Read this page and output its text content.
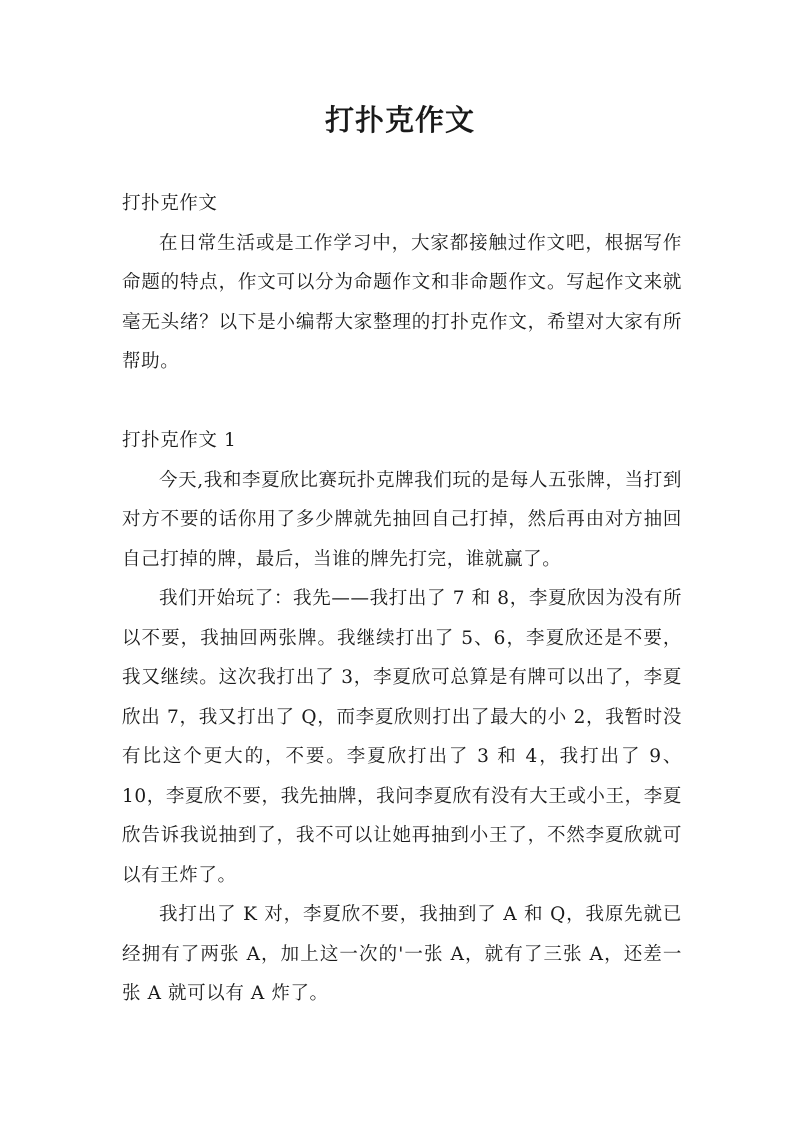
打扑克作文

打扑克作文

在日常生活或是工作学习中，大家都接触过作文吧，根据写作命题的特点，作文可以分为命题作文和非命题作文。写起作文来就毫无头绪？以下是小编帮大家整理的打扑克作文，希望对大家有所帮助。

打扑克作文 1

今天,我和李夏欣比赛玩扑克牌我们玩的是每人五张牌，当打到对方不要的话你用了多少牌就先抽回自己打掉，然后再由对方抽回自己打掉的牌，最后，当谁的牌先打完，谁就赢了。

我们开始玩了：我先——我打出了 7 和 8，李夏欣因为没有所以不要，我抽回两张牌。我继续打出了 5、6，李夏欣还是不要，我又继续。这次我打出了 3，李夏欣可总算是有牌可以出了，李夏欣出 7，我又打出了 Q，而李夏欣则打出了最大的小 2，我暂时没有比这个更大的，不要。李夏欣打出了 3 和 4，我打出了 9、10，李夏欣不要，我先抽牌，我问李夏欣有没有大王或小王，李夏欣告诉我说抽到了，我不可以让她再抽到小王了，不然李夏欣就可以有王炸了。

我打出了 K 对，李夏欣不要，我抽到了 A 和 Q，我原先就已经拥有了两张 A，加上这一次的'一张 A，就有了三张 A，还差一张 A 就可以有 A 炸了。
